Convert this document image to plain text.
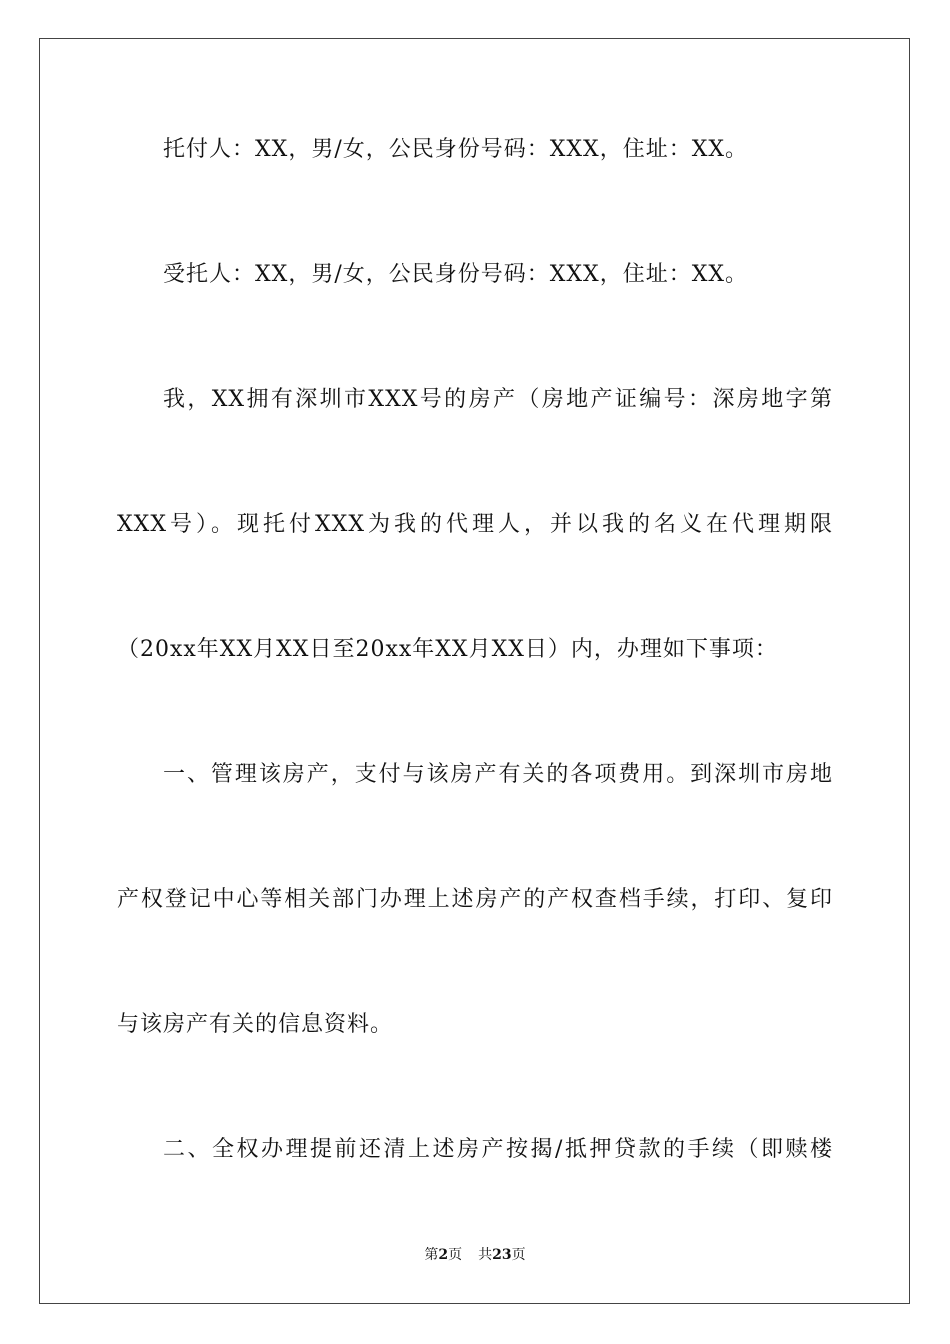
托付人：XX，男/女，公民身份号码：XXX，住址：XX。
受托人：XX，男/女，公民身份号码：XXX，住址：XX。
我，XX拥有深圳市XXX号的房产（房地产证编号：深房地字第
XXX号）。现托付XXX为我的代理人，并以我的名义在代理期限
（20xx年XX月XX日至20xx年XX月XX日）内，办理如下事项：
一、管理该房产，支付与该房产有关的各项费用。到深圳市房地
产权登记中心等相关部门办理上述房产的产权查档手续，打印、复印
与该房产有关的信息资料。
二、全权办理提前还清上述房产按揭/抵押贷款的手续（即赎楼
第2页 共23页
